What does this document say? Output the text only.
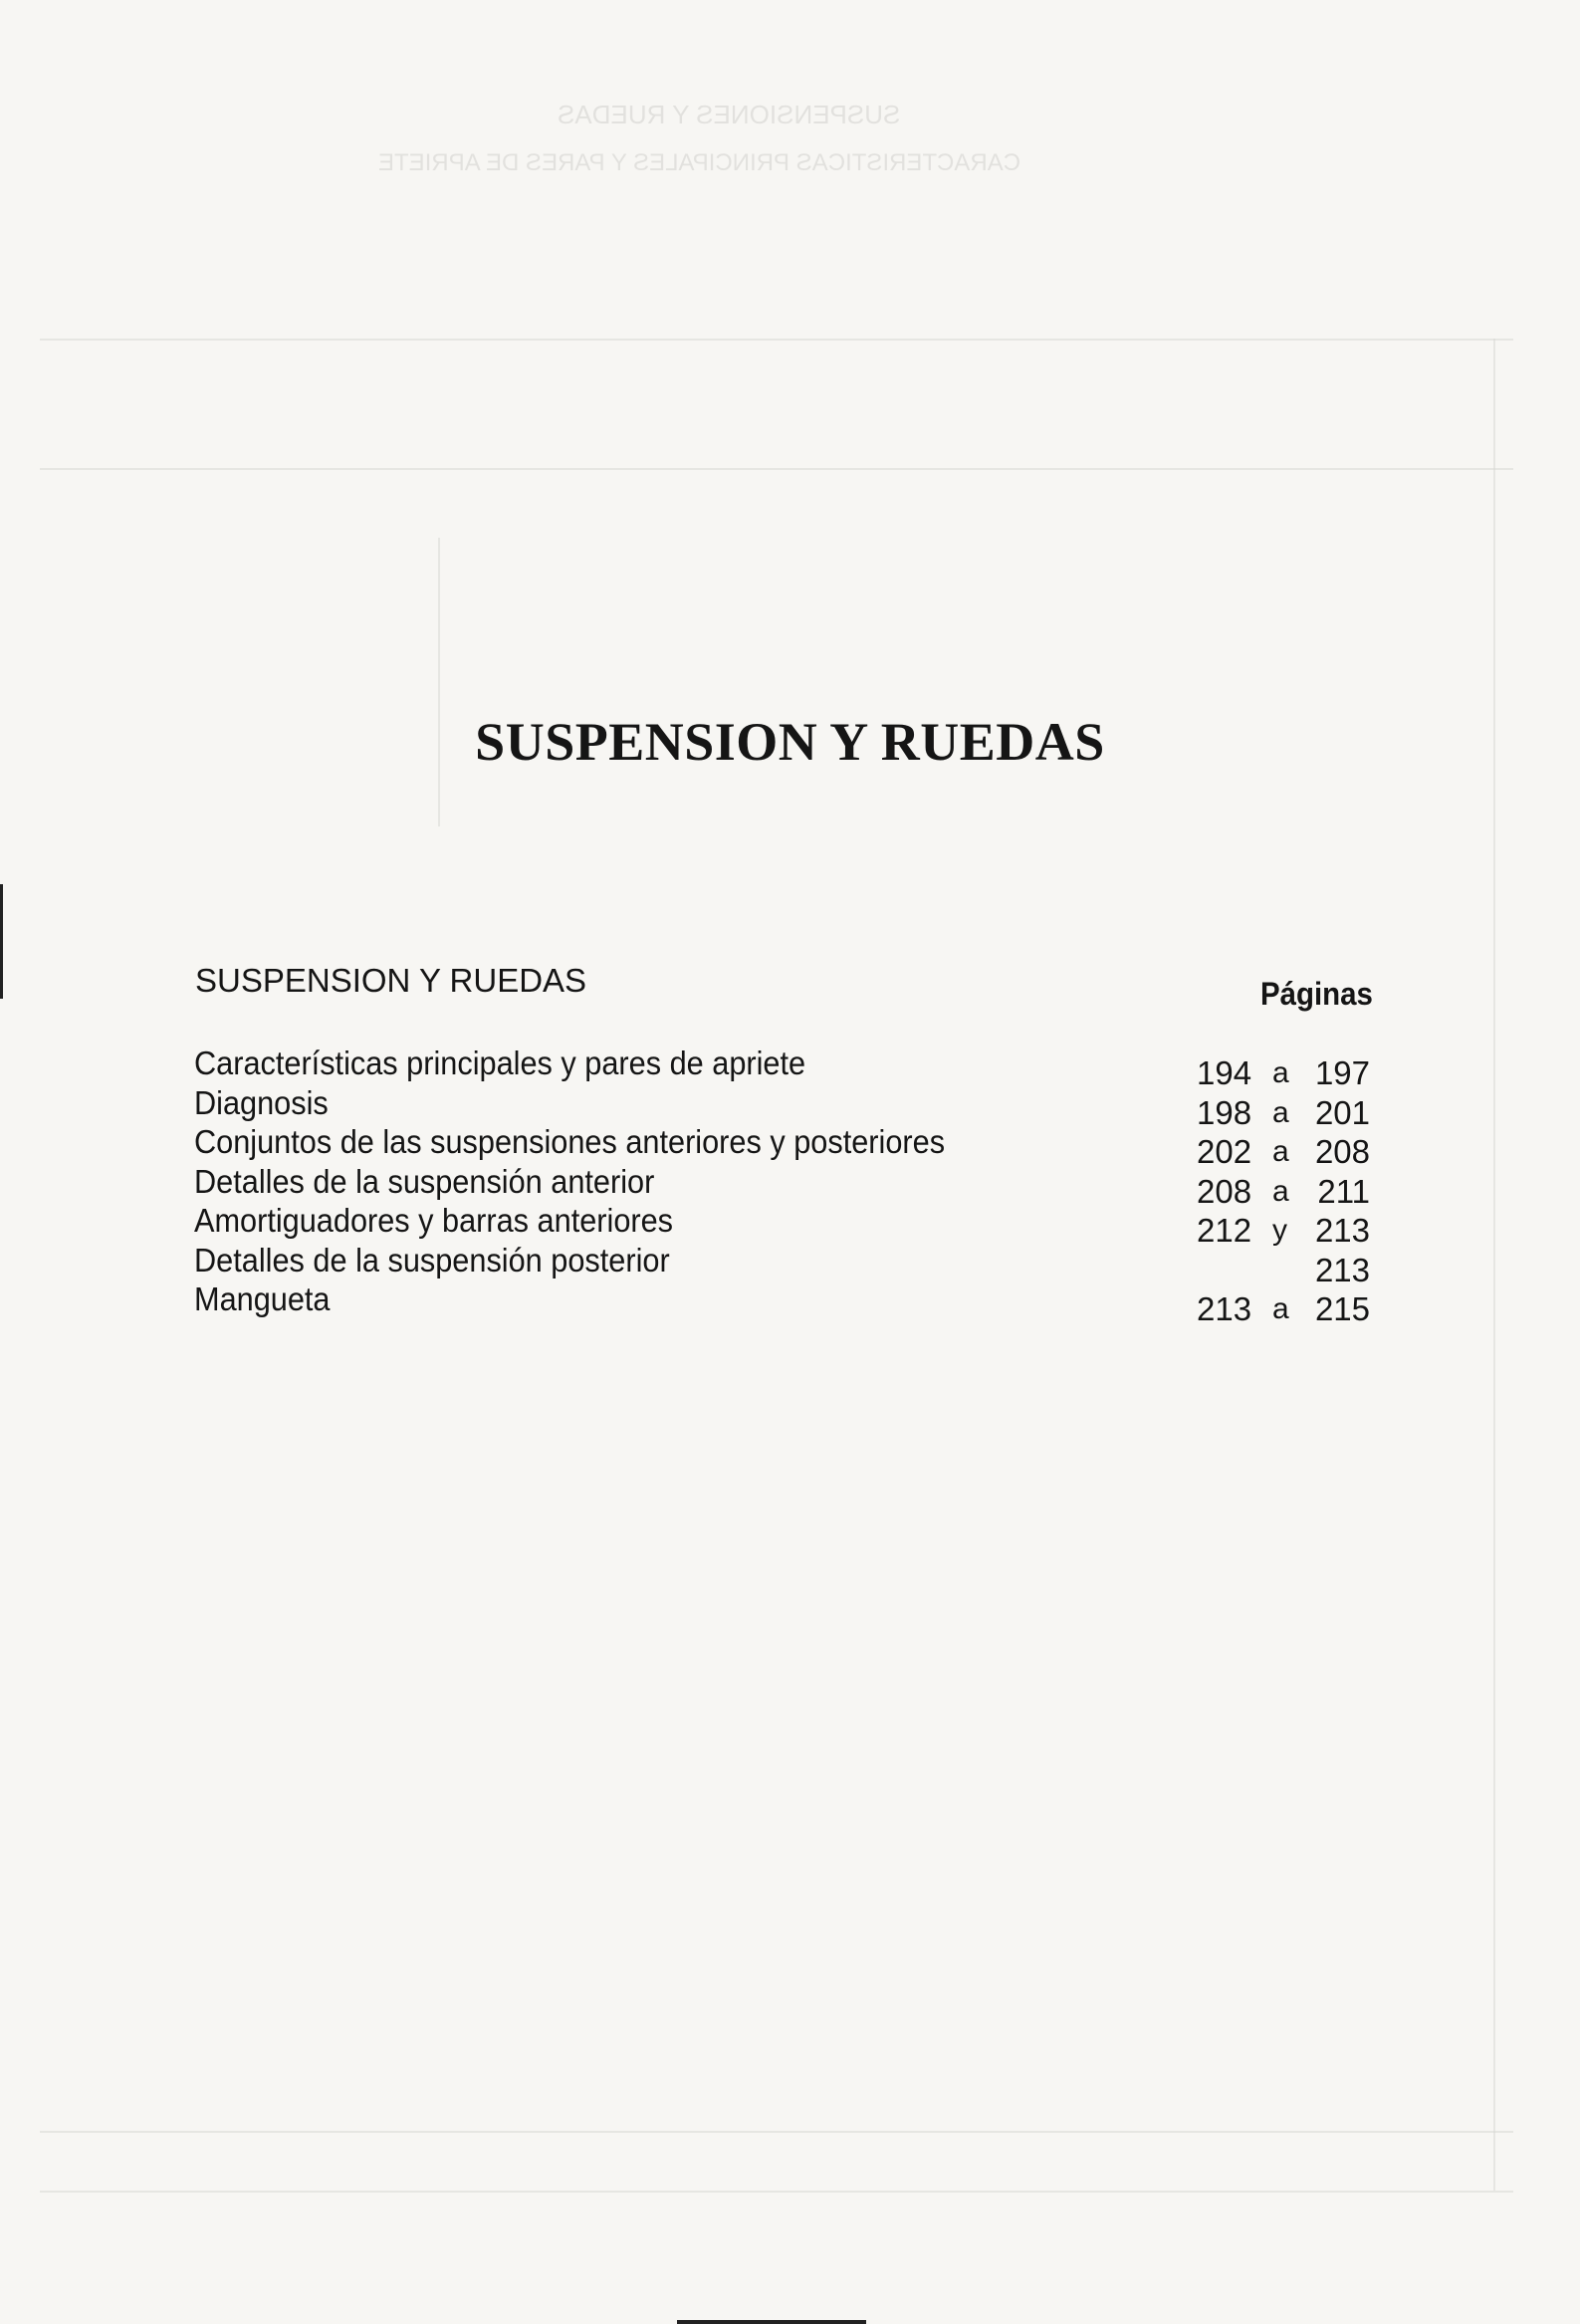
SUSPENSIONES Y RUEDAS
CARACTERISTICAS PRINCIPALES Y PARES DE APRIETE
SUSPENSION Y RUEDAS
SUSPENSION Y RUEDAS	Páginas
Características principales y pares de apriete
Diagnosis
Conjuntos de las suspensiones anteriores y posteriores
Detalles de la suspensión anterior
Amortiguadores y barras anteriores
Detalles de la suspensión posterior
Mangueta
194 a 197
198 a 201
202 a 208
208 a 211
212 y 213
213
213 a 215
